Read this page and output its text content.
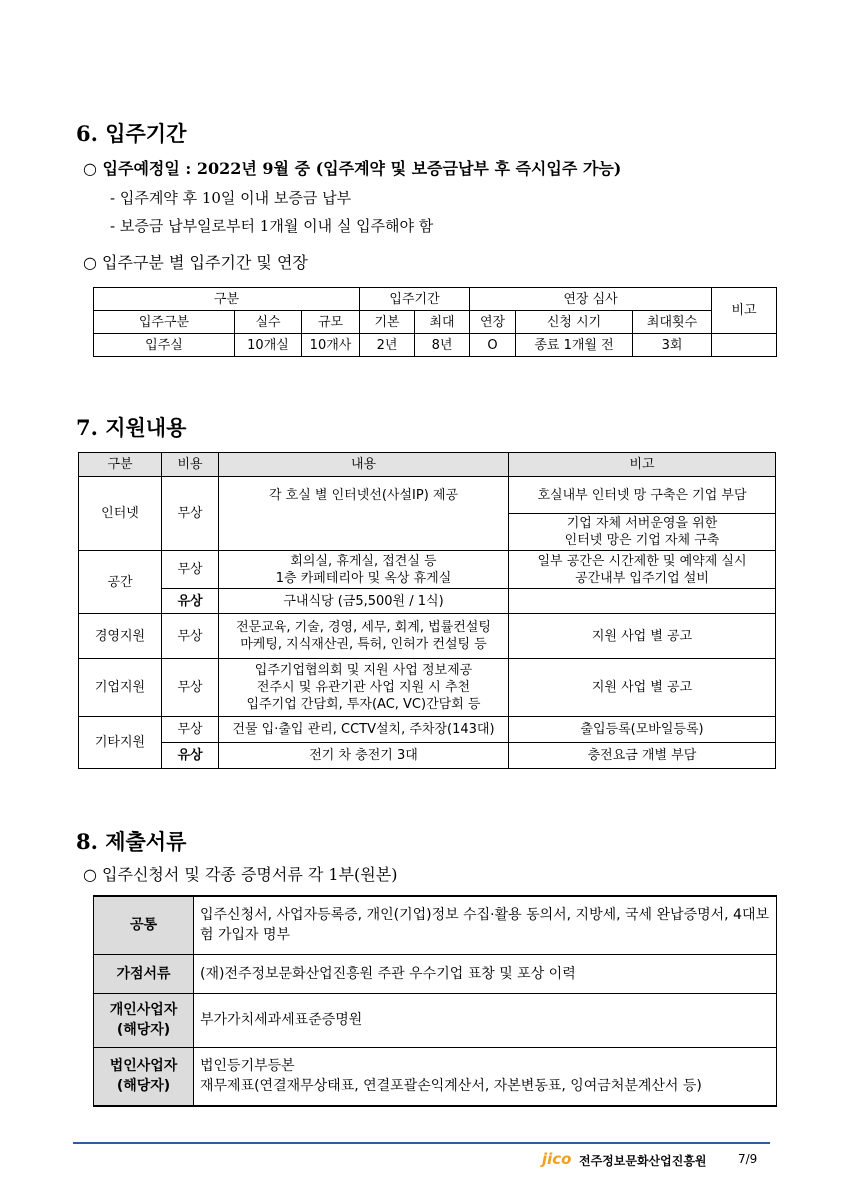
6. 입주기간
○ 입주예정일 : 2022년 9월 중 (입주계약 및 보증금납부 후 즉시입주 가능)
- 입주계약 후 10일 이내 보증금 납부
- 보증금 납부일로부터 1개월 이내 실 입주해야 함
○ 입주구분 별 입주기간 및 연장
구분			입주기간		연장 심사			비고
입주구분	실수	규모	기본	최대	연장	신청 시기	최대횟수	
입주실	10개실	10개사	2년	8년	O	종료 1개월 전	3회	
7. 지원내용
구분	비용	내용	비고
인터넷	무상	각 호실 별 인터넷선(사설IP) 제공	호실내부 인터넷 망 구축은 기업 부담

			기업 자체 서버운영을 위한
인터넷 망은 기업 자체 구축

공간	무상	회의실, 휴게실, 접견실 등
1층 카페테리아 및 옥상 휴게실	일부 공간은 시간제한 및 예약제 실시
공간내부 입주기업 설비

	유상	구내식당 (금5,500원 / 1식)	
경영지원	무상	전문교육, 기술, 경영, 세무, 회계, 법률컨설팅
마케팅, 지식재산권, 특허, 인허가 컨설팅 등	지원 사업 별 공고
기업지원	무상	입주기업협의회 및 지원 사업 정보제공
전주시 및 유관기관 사업 지원 시 추천
입주기업 간담회, 투자(AC, VC)간담회 등	지원 사업 별 공고
기타지원	무상	건물 입·출입 관리, CCTV설치, 주차장(143대)	출입등록(모바일등록)
	유상	전기 차 충전기 3대	충전요금 개별 부담
8. 제출서류
○ 입주신청서 및 각종 증명서류 각 1부(원본)
공통	입주신청서, 사업자등록증, 개인(기업)정보 수집·활용 동의서, 지방세, 국세 완납증명서, 4대보험 가입자 명부
가점서류	(재)전주정보문화산업진흥원 주관 우수기업 표창 및 포상 이력

개인사업자
(해당자)	부가가치세과세표준증명원

법인사업자
(해당자)	법인등기부등본
재무제표(연결재무상태표, 연결포괄손익계산서, 자본변동표, 잉여금처분계산서 등)
jico 전주정보문화산업진흥원	7/9
